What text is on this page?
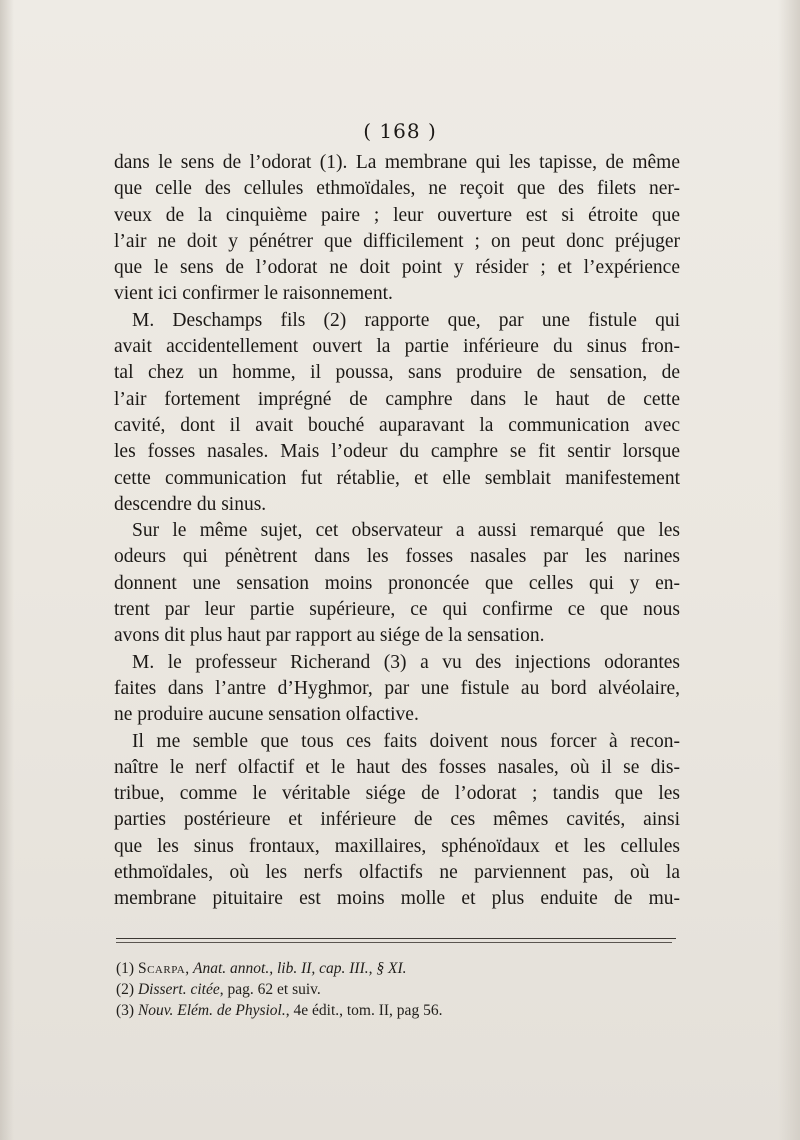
( 168 )
dans le sens de l’odorat (1). La membrane qui les tapisse, de même
que celle des cellules ethmoïdales, ne reçoit que des filets ner-
veux de la cinquième paire ; leur ouverture est si étroite que
l’air ne doit y pénétrer que difficilement ; on peut donc préjuger
que le sens de l’odorat ne doit point y résider ; et l’expérience
vient ici confirmer le raisonnement.
M. Deschamps fils (2) rapporte que, par une fistule qui
avait accidentellement ouvert la partie inférieure du sinus fron-
tal chez un homme, il poussa, sans produire de sensation, de
l’air fortement imprégné de camphre dans le haut de cette
cavité, dont il avait bouché auparavant la communication avec
les fosses nasales. Mais l’odeur du camphre se fit sentir lorsque
cette communication fut rétablie, et elle semblait manifestement
descendre du sinus.
Sur le même sujet, cet observateur a aussi remarqué que les
odeurs qui pénètrent dans les fosses nasales par les narines
donnent une sensation moins prononcée que celles qui y en-
trent par leur partie supérieure, ce qui confirme ce que nous
avons dit plus haut par rapport au siége de la sensation.
M. le professeur Richerand (3) a vu des injections odorantes
faites dans l’antre d’Hyghmor, par une fistule au bord alvéolaire,
ne produire aucune sensation olfactive.
Il me semble que tous ces faits doivent nous forcer à recon-
naître le nerf olfactif et le haut des fosses nasales, où il se dis-
tribue, comme le véritable siége de l’odorat ; tandis que les
parties postérieure et inférieure de ces mêmes cavités, ainsi
que les sinus frontaux, maxillaires, sphénoïdaux et les cellules
ethmoïdales, où les nerfs olfactifs ne parviennent pas, où la
membrane pituitaire est moins molle et plus enduite de mu-
(1) Scarpa, Anat. annot., lib. II, cap. III., § XI.
(2) Dissert. citée, pag. 62 et suiv.
(3) Nouv. Elém. de Physiol., 4e édit., tom. II, pag 56.
